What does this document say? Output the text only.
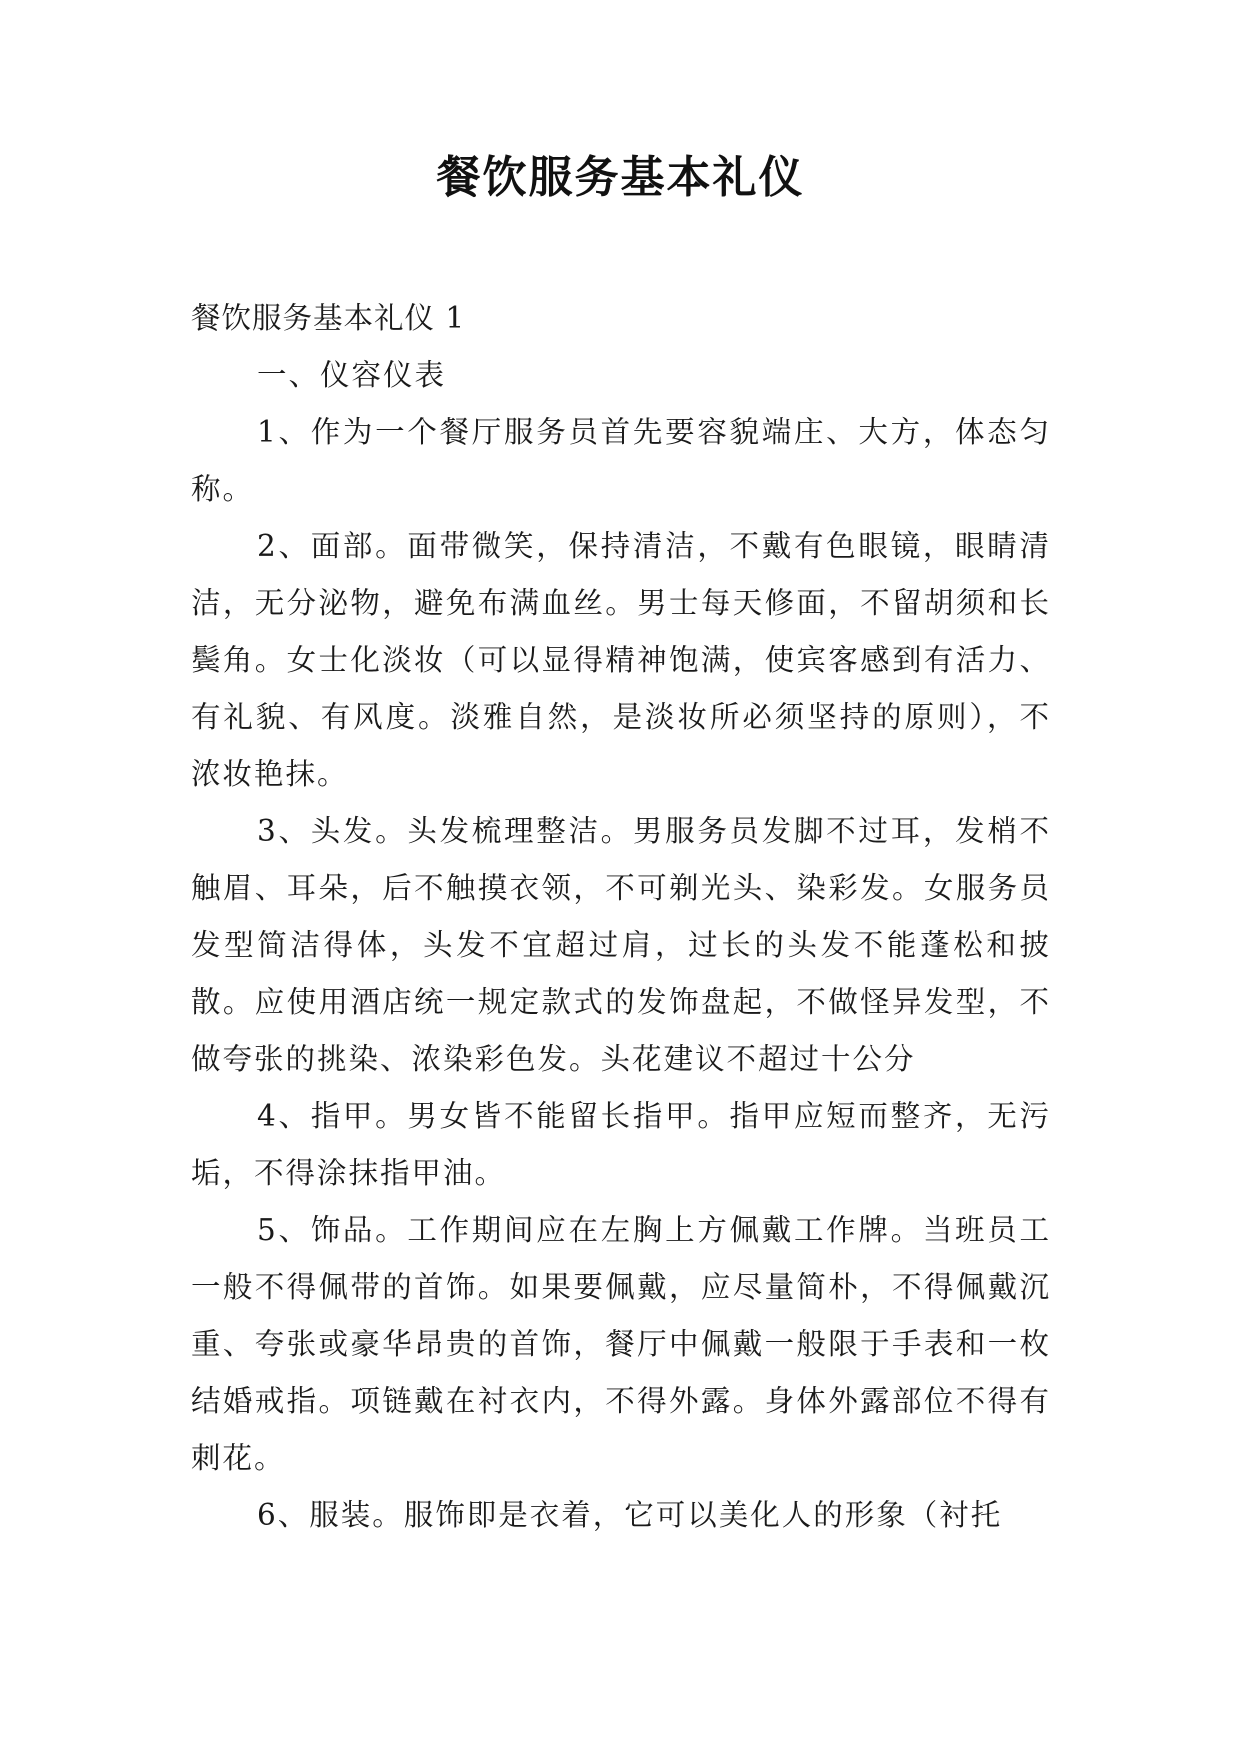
餐饮服务基本礼仪

餐饮服务基本礼仪 1

一、仪容仪表

1、作为一个餐厅服务员首先要容貌端庄、大方，体态匀称。

2、面部。面带微笑，保持清洁，不戴有色眼镜，眼睛清洁，无分泌物，避免布满血丝。男士每天修面，不留胡须和长鬓角。女士化淡妆（可以显得精神饱满，使宾客感到有活力、有礼貌、有风度。淡雅自然，是淡妆所必须坚持的原则），不浓妆艳抹。

3、头发。头发梳理整洁。男服务员发脚不过耳，发梢不触眉、耳朵，后不触摸衣领，不可剃光头、染彩发。女服务员发型简洁得体，头发不宜超过肩，过长的头发不能蓬松和披散。应使用酒店统一规定款式的发饰盘起，不做怪异发型，不做夸张的挑染、浓染彩色发。头花建议不超过十公分

4、指甲。男女皆不能留长指甲。指甲应短而整齐，无污垢，不得涂抹指甲油。

5、饰品。工作期间应在左胸上方佩戴工作牌。当班员工一般不得佩带的首饰。如果要佩戴，应尽量简朴，不得佩戴沉重、夸张或豪华昂贵的首饰，餐厅中佩戴一般限于手表和一枚结婚戒指。项链戴在衬衣内，不得外露。身体外露部位不得有刺花。

6、服装。服饰即是衣着，它可以美化人的形象（衬托
